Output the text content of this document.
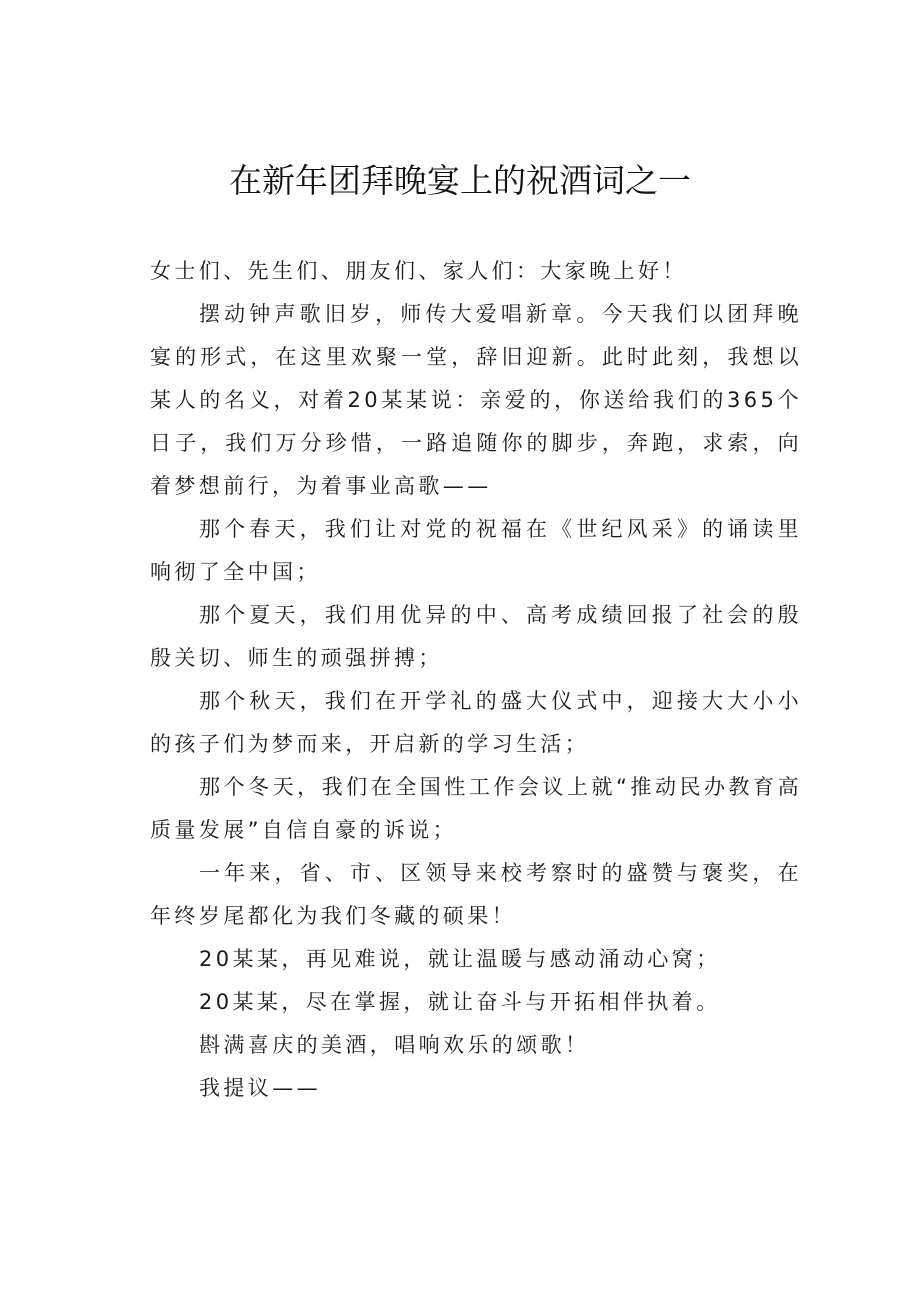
在新年团拜晚宴上的祝酒词之一

女士们、先生们、朋友们、家人们：大家晚上好！

摆动钟声歌旧岁，师传大爱唱新章。今天我们以团拜晚宴的形式，在这里欢聚一堂，辞旧迎新。此时此刻，我想以某人的名义，对着20某某说：亲爱的，你送给我们的365个日子，我们万分珍惜，一路追随你的脚步，奔跑，求索，向着梦想前行，为着事业高歌——

那个春天，我们让对党的祝福在《世纪风采》的诵读里响彻了全中国；

那个夏天，我们用优异的中、高考成绩回报了社会的殷殷关切、师生的顽强拼搏；

那个秋天，我们在开学礼的盛大仪式中，迎接大大小小的孩子们为梦而来，开启新的学习生活；

那个冬天，我们在全国性工作会议上就“推动民办教育高质量发展”自信自豪的诉说；

一年来，省、市、区领导来校考察时的盛赞与褒奖，在年终岁尾都化为我们冬藏的硕果！

20某某，再见难说，就让温暖与感动涌动心窝；

20某某，尽在掌握，就让奋斗与开拓相伴执着。

斟满喜庆的美酒，唱响欢乐的颂歌！

我提议——
